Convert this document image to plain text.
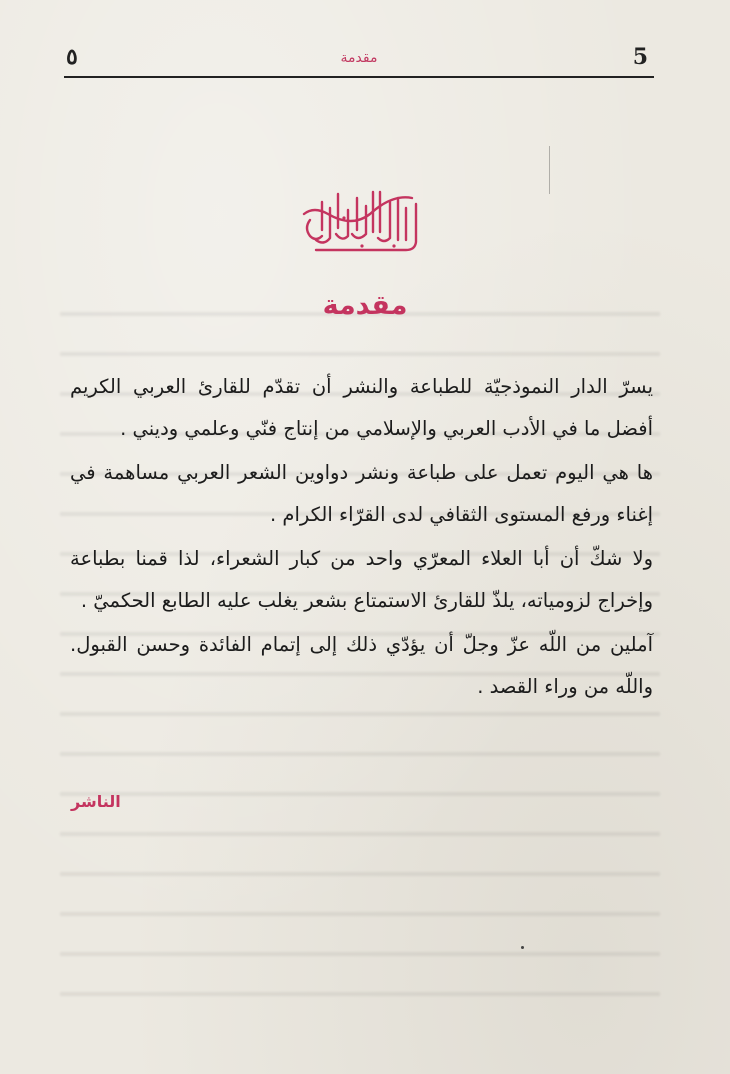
5
مقدمة
٥
مقدمة

يسرّ الدار النموذجيّة للطباعة والنشر أن تقدّم للقارئ العربي الكريم أفضل ما في الأدب العربي والإسلامي من إنتاج فنّي وعلمي وديني .

ها هي اليوم تعمل على طباعة ونشر دواوين الشعر العربي مساهمة في إغناء ورفع المستوى الثقافي لدى القرّاء الكرام .

ولا شكّ أن أبا العلاء المعرّي واحد من كبار الشعراء، لذا قمنا بطباعة وإخراج لزومياته، يلذّ للقارئ الاستمتاع بشعر يغلب عليه الطابع الحكميّ .

آملين من اللّه عزّ وجلّ أن يؤدّي ذلك إلى إتمام الفائدة وحسن القبول. واللّه من وراء القصد .

الناشر
